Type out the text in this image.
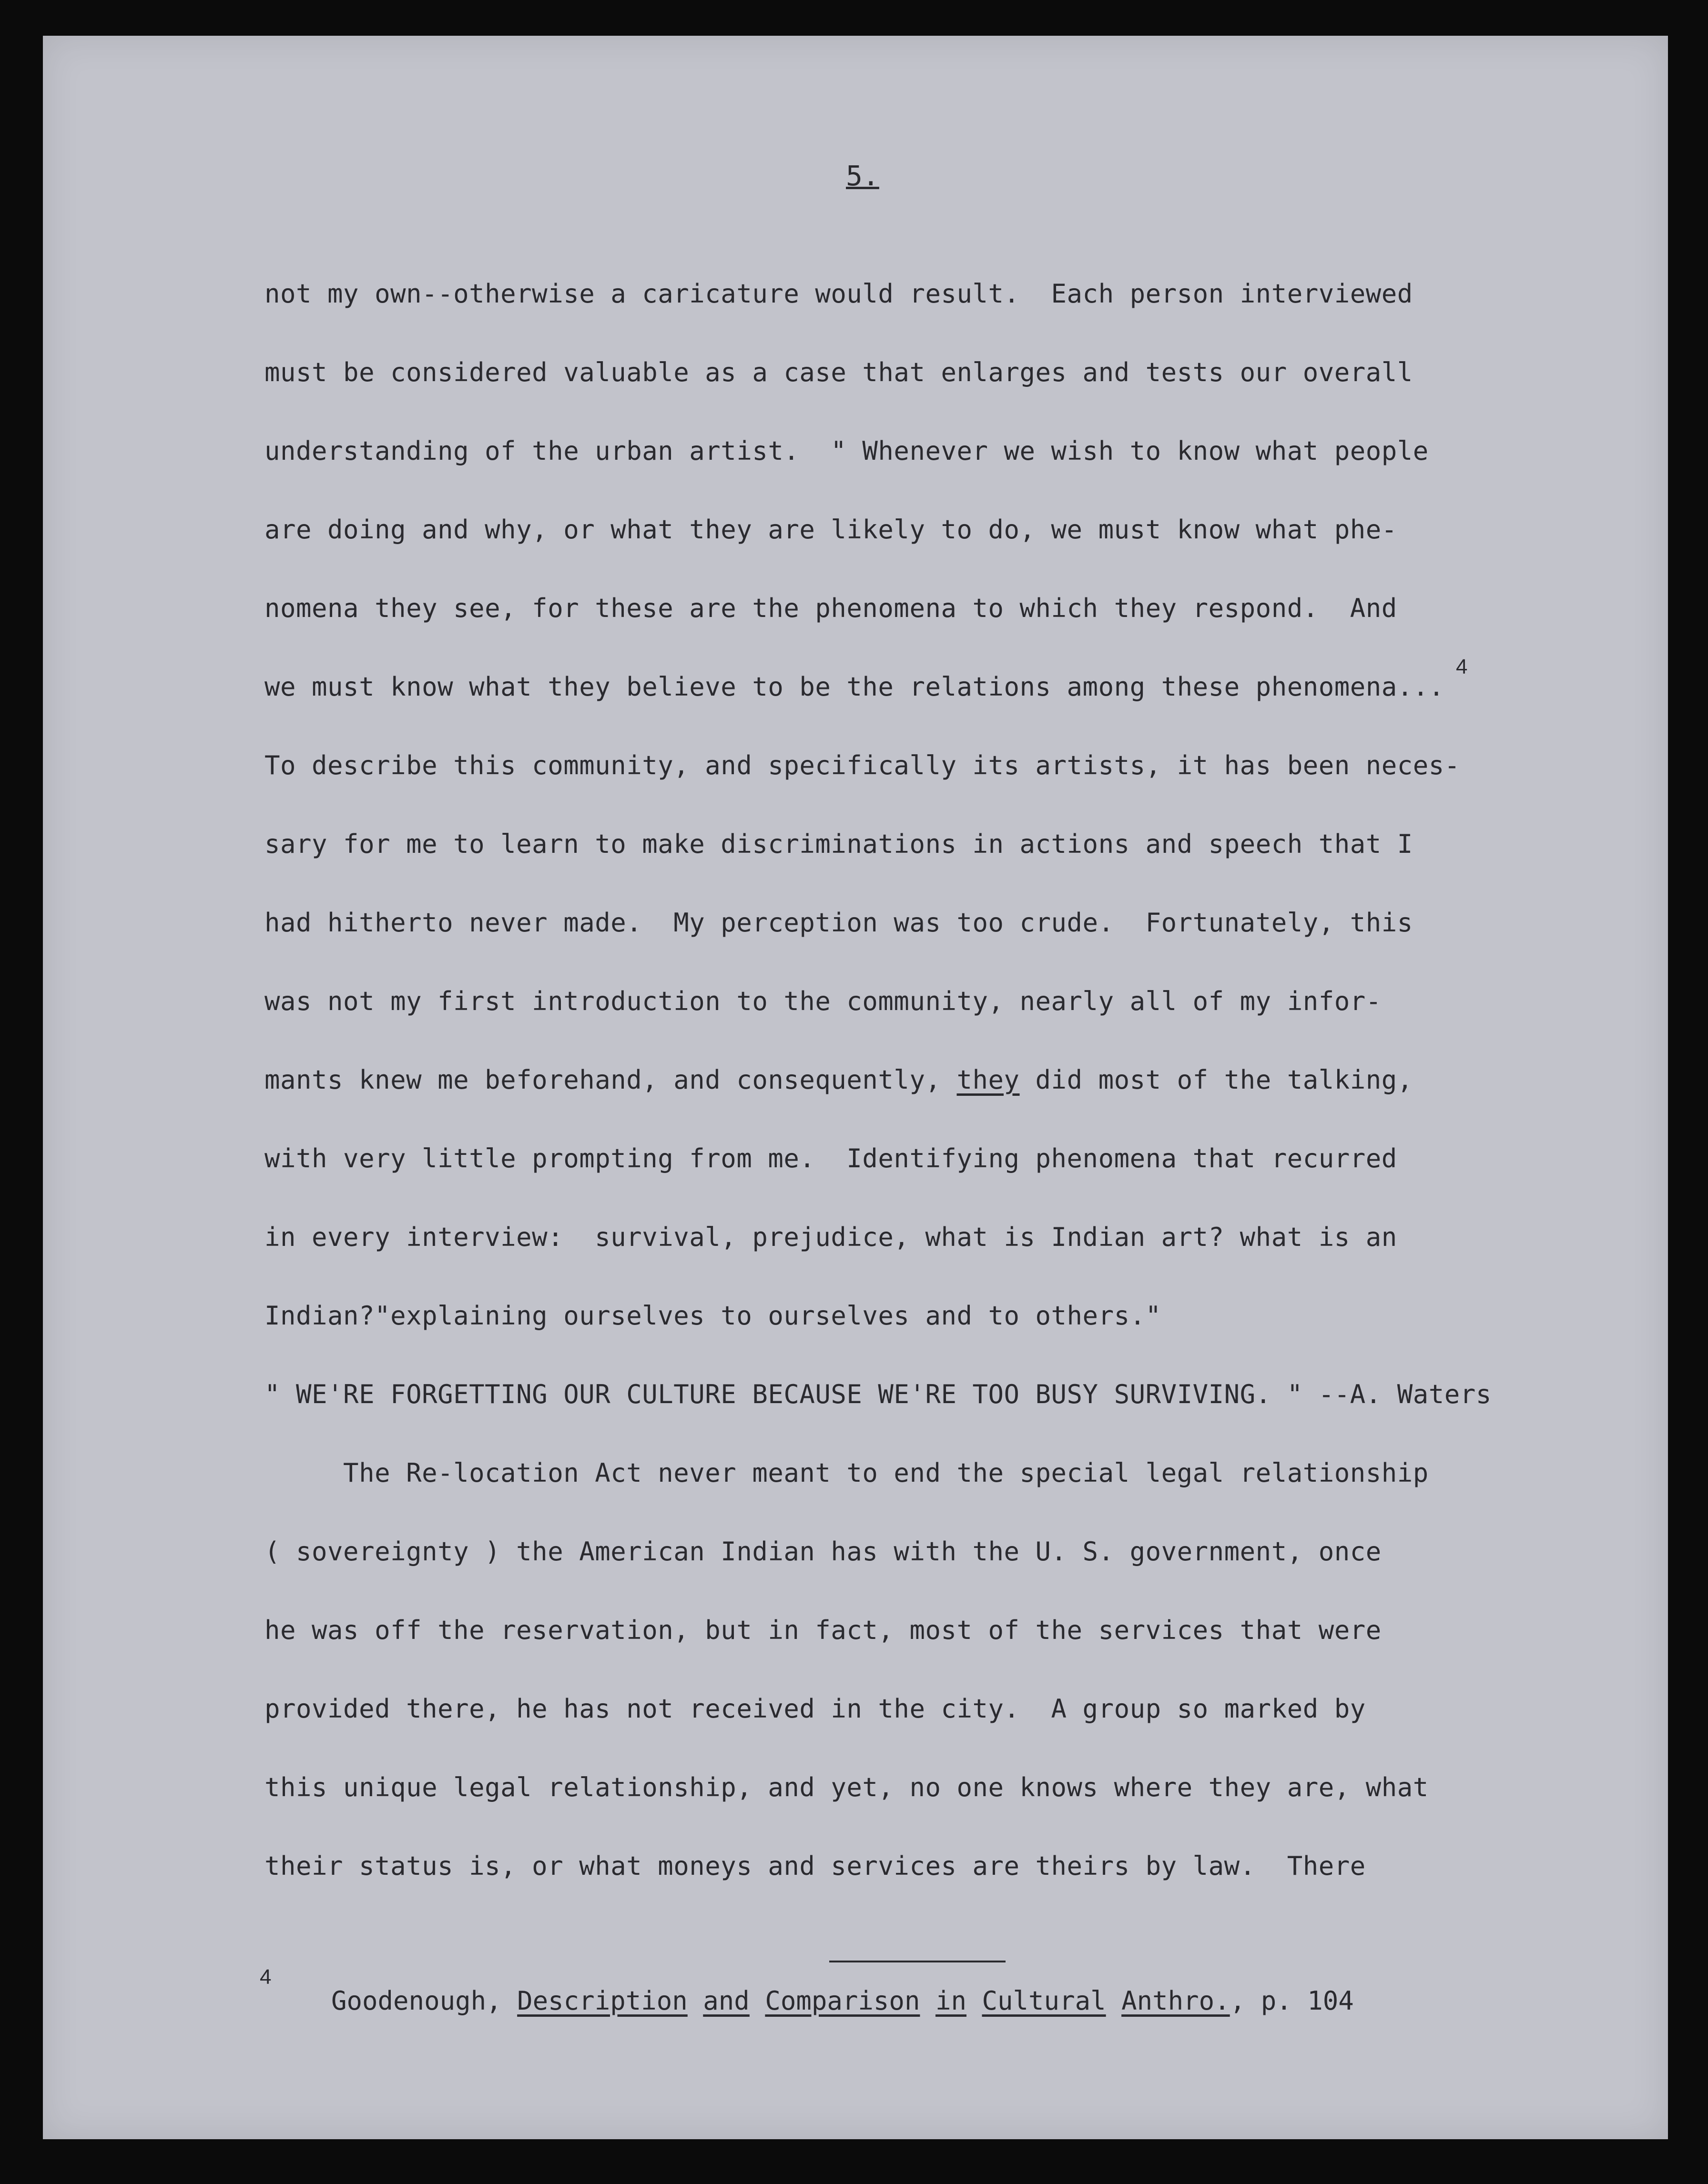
5.
not my own--otherwise a caricature would result.  Each person interviewed
must be considered valuable as a case that enlarges and tests our overall
understanding of the urban artist.  " Whenever we wish to know what people
are doing and why, or what they are likely to do, we must know what phe-
nomena they see, for these are the phenomena to which they respond.  And
we must know what they believe to be the relations among these phenomena...
4
To describe this community, and specifically its artists, it has been neces-
sary for me to learn to make discriminations in actions and speech that I
had hitherto never made.  My perception was too crude.  Fortunately, this
was not my first introduction to the community, nearly all of my infor-
mants knew me beforehand, and consequently, they did most of the talking,
with very little prompting from me.  Identifying phenomena that recurred
in every interview:  survival, prejudice, what is Indian art? what is an
Indian?"explaining ourselves to ourselves and to others."
" WE'RE FORGETTING OUR CULTURE BECAUSE WE'RE TOO BUSY SURVIVING. " --A. Waters
The Re-location Act never meant to end the special legal relationship
( sovereignty ) the American Indian has with the U. S. government, once
he was off the reservation, but in fact, most of the services that were
provided there, he has not received in the city.  A group so marked by
this unique legal relationship, and yet, no one knows where they are, what
their status is, or what moneys and services are theirs by law.  There
4
Goodenough, Description and Comparison in Cultural Anthro., p. 104
